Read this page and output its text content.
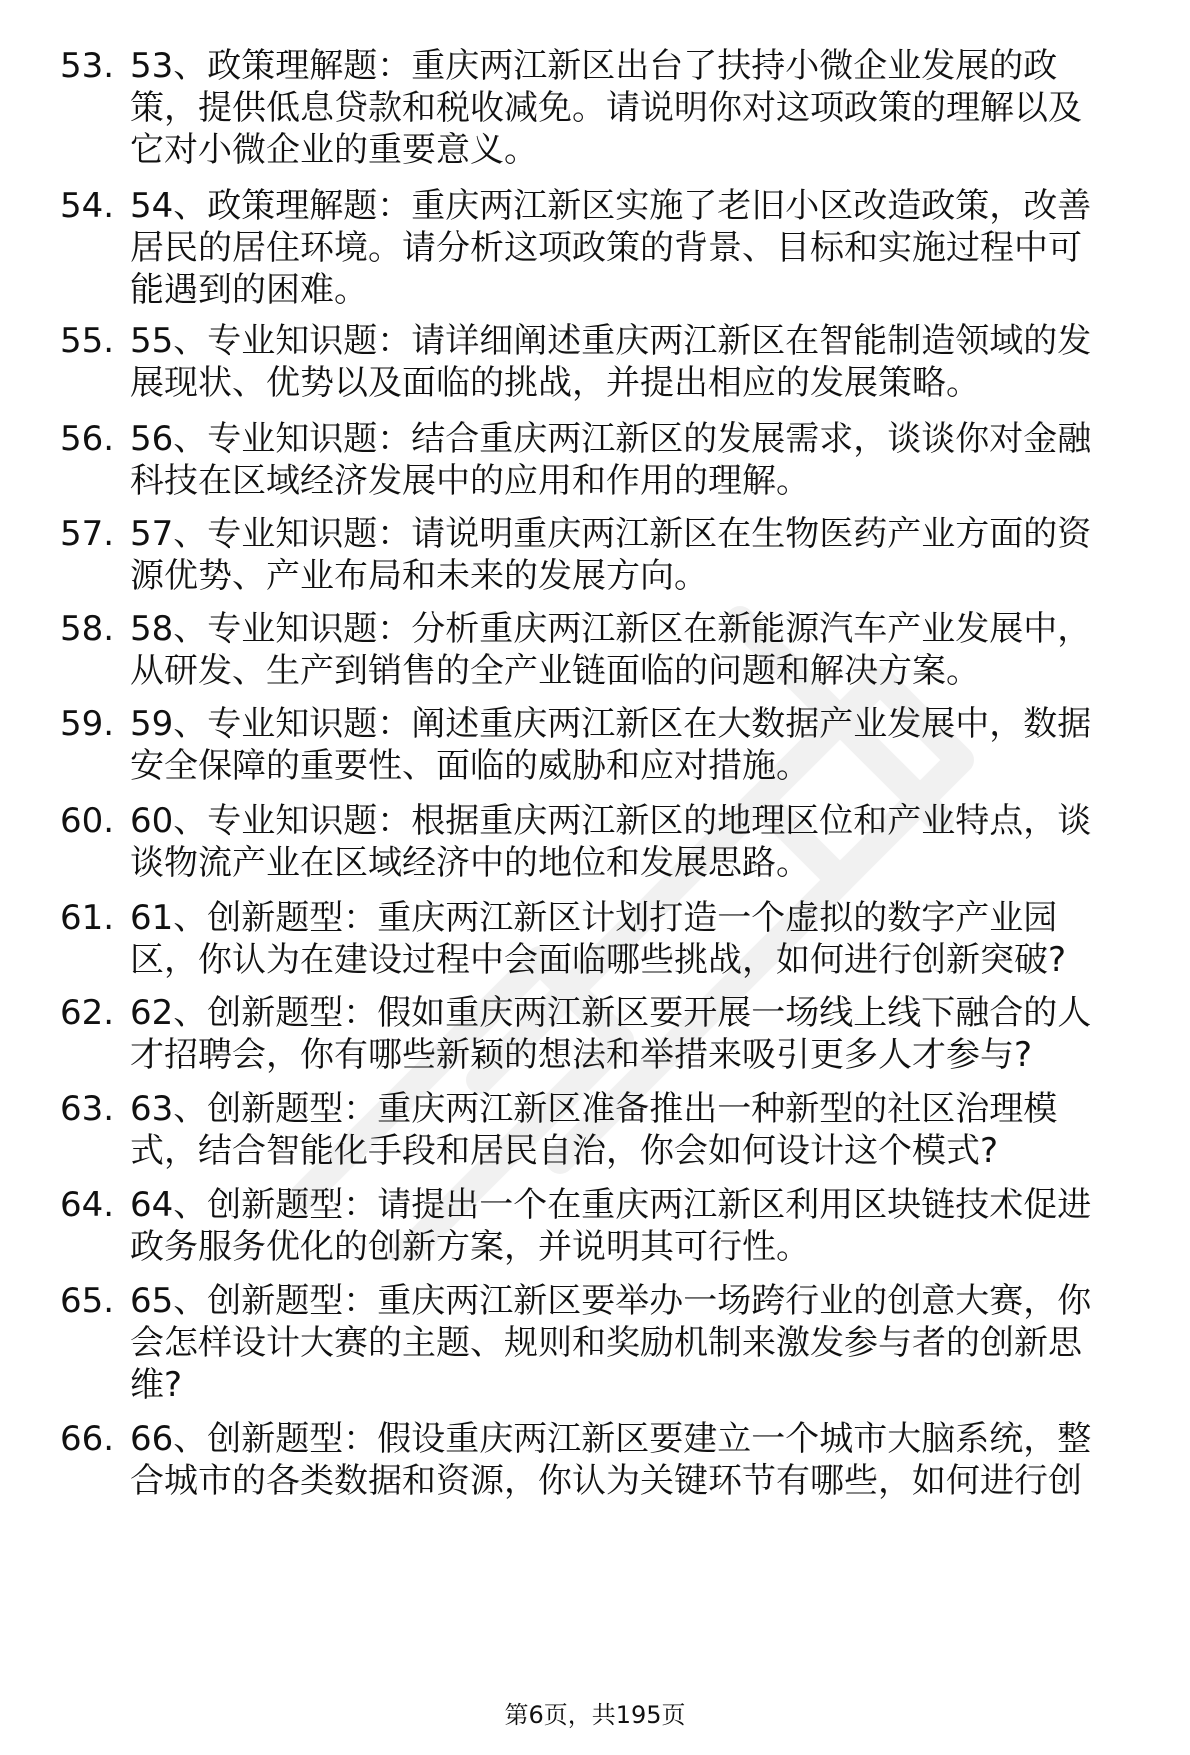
53. 53、政策理解题：重庆两江新区出台了扶持小微企业发展的政
策，提供低息贷款和税收减免。请说明你对这项政策的理解以及
它对小微企业的重要意义。
54. 54、政策理解题：重庆两江新区实施了老旧小区改造政策，改善
居民的居住环境。请分析这项政策的背景、目标和实施过程中可
能遇到的困难。
55. 55、专业知识题：请详细阐述重庆两江新区在智能制造领域的发
展现状、优势以及面临的挑战，并提出相应的发展策略。
56. 56、专业知识题：结合重庆两江新区的发展需求，谈谈你对金融
科技在区域经济发展中的应用和作用的理解。
57. 57、专业知识题：请说明重庆两江新区在生物医药产业方面的资
源优势、产业布局和未来的发展方向。
58. 58、专业知识题：分析重庆两江新区在新能源汽车产业发展中，
从研发、生产到销售的全产业链面临的问题和解决方案。
59. 59、专业知识题：阐述重庆两江新区在大数据产业发展中，数据
安全保障的重要性、面临的威胁和应对措施。
60. 60、专业知识题：根据重庆两江新区的地理区位和产业特点，谈
谈物流产业在区域经济中的地位和发展思路。
61. 61、创新题型：重庆两江新区计划打造一个虚拟的数字产业园
区，你认为在建设过程中会面临哪些挑战，如何进行创新突破?
62. 62、创新题型：假如重庆两江新区要开展一场线上线下融合的人
才招聘会，你有哪些新颖的想法和举措来吸引更多人才参与?
63. 63、创新题型：重庆两江新区准备推出一种新型的社区治理模
式，结合智能化手段和居民自治，你会如何设计这个模式?
64. 64、创新题型：请提出一个在重庆两江新区利用区块链技术促进
政务服务优化的创新方案，并说明其可行性。
65. 65、创新题型：重庆两江新区要举办一场跨行业的创意大赛，你
会怎样设计大赛的主题、规则和奖励机制来激发参与者的创新思
维?
66. 66、创新题型：假设重庆两江新区要建立一个城市大脑系统，整
合城市的各类数据和资源，你认为关键环节有哪些，如何进行创
第6页，共195页
